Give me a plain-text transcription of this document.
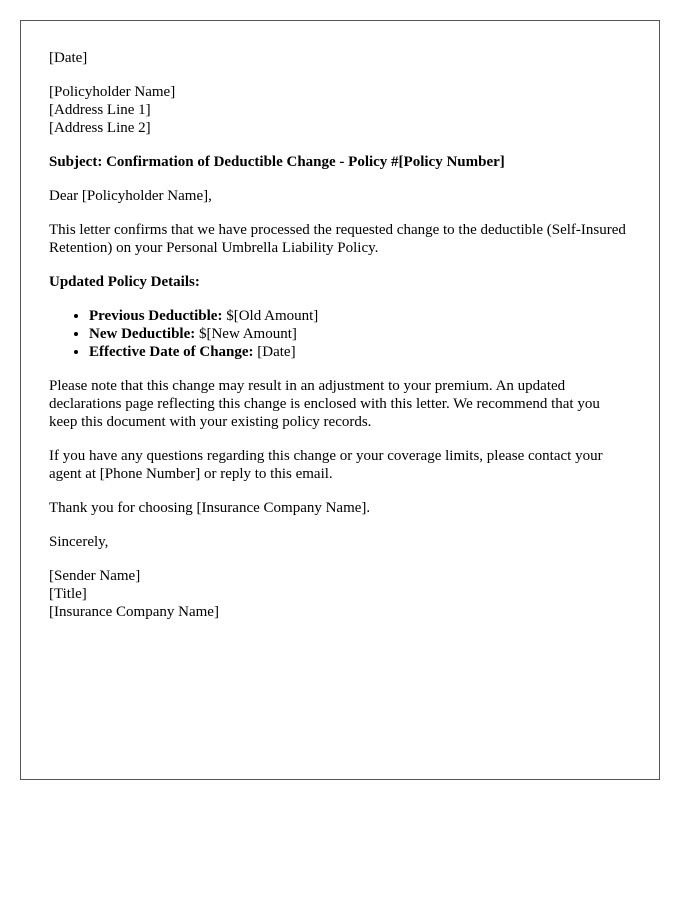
[Date]
[Policyholder Name]
[Address Line 1]
[Address Line 2]
Subject: Confirmation of Deductible Change - Policy #[Policy Number]
Dear [Policyholder Name],
This letter confirms that we have processed the requested change to the deductible (Self-Insured Retention) on your Personal Umbrella Liability Policy.
Updated Policy Details:
• Previous Deductible: $[Old Amount]
• New Deductible: $[New Amount]
• Effective Date of Change: [Date]
Please note that this change may result in an adjustment to your premium. An updated declarations page reflecting this change is enclosed with this letter. We recommend that you keep this document with your existing policy records.
If you have any questions regarding this change or your coverage limits, please contact your agent at [Phone Number] or reply to this email.
Thank you for choosing [Insurance Company Name].
Sincerely,
[Sender Name]
[Title]
[Insurance Company Name]
